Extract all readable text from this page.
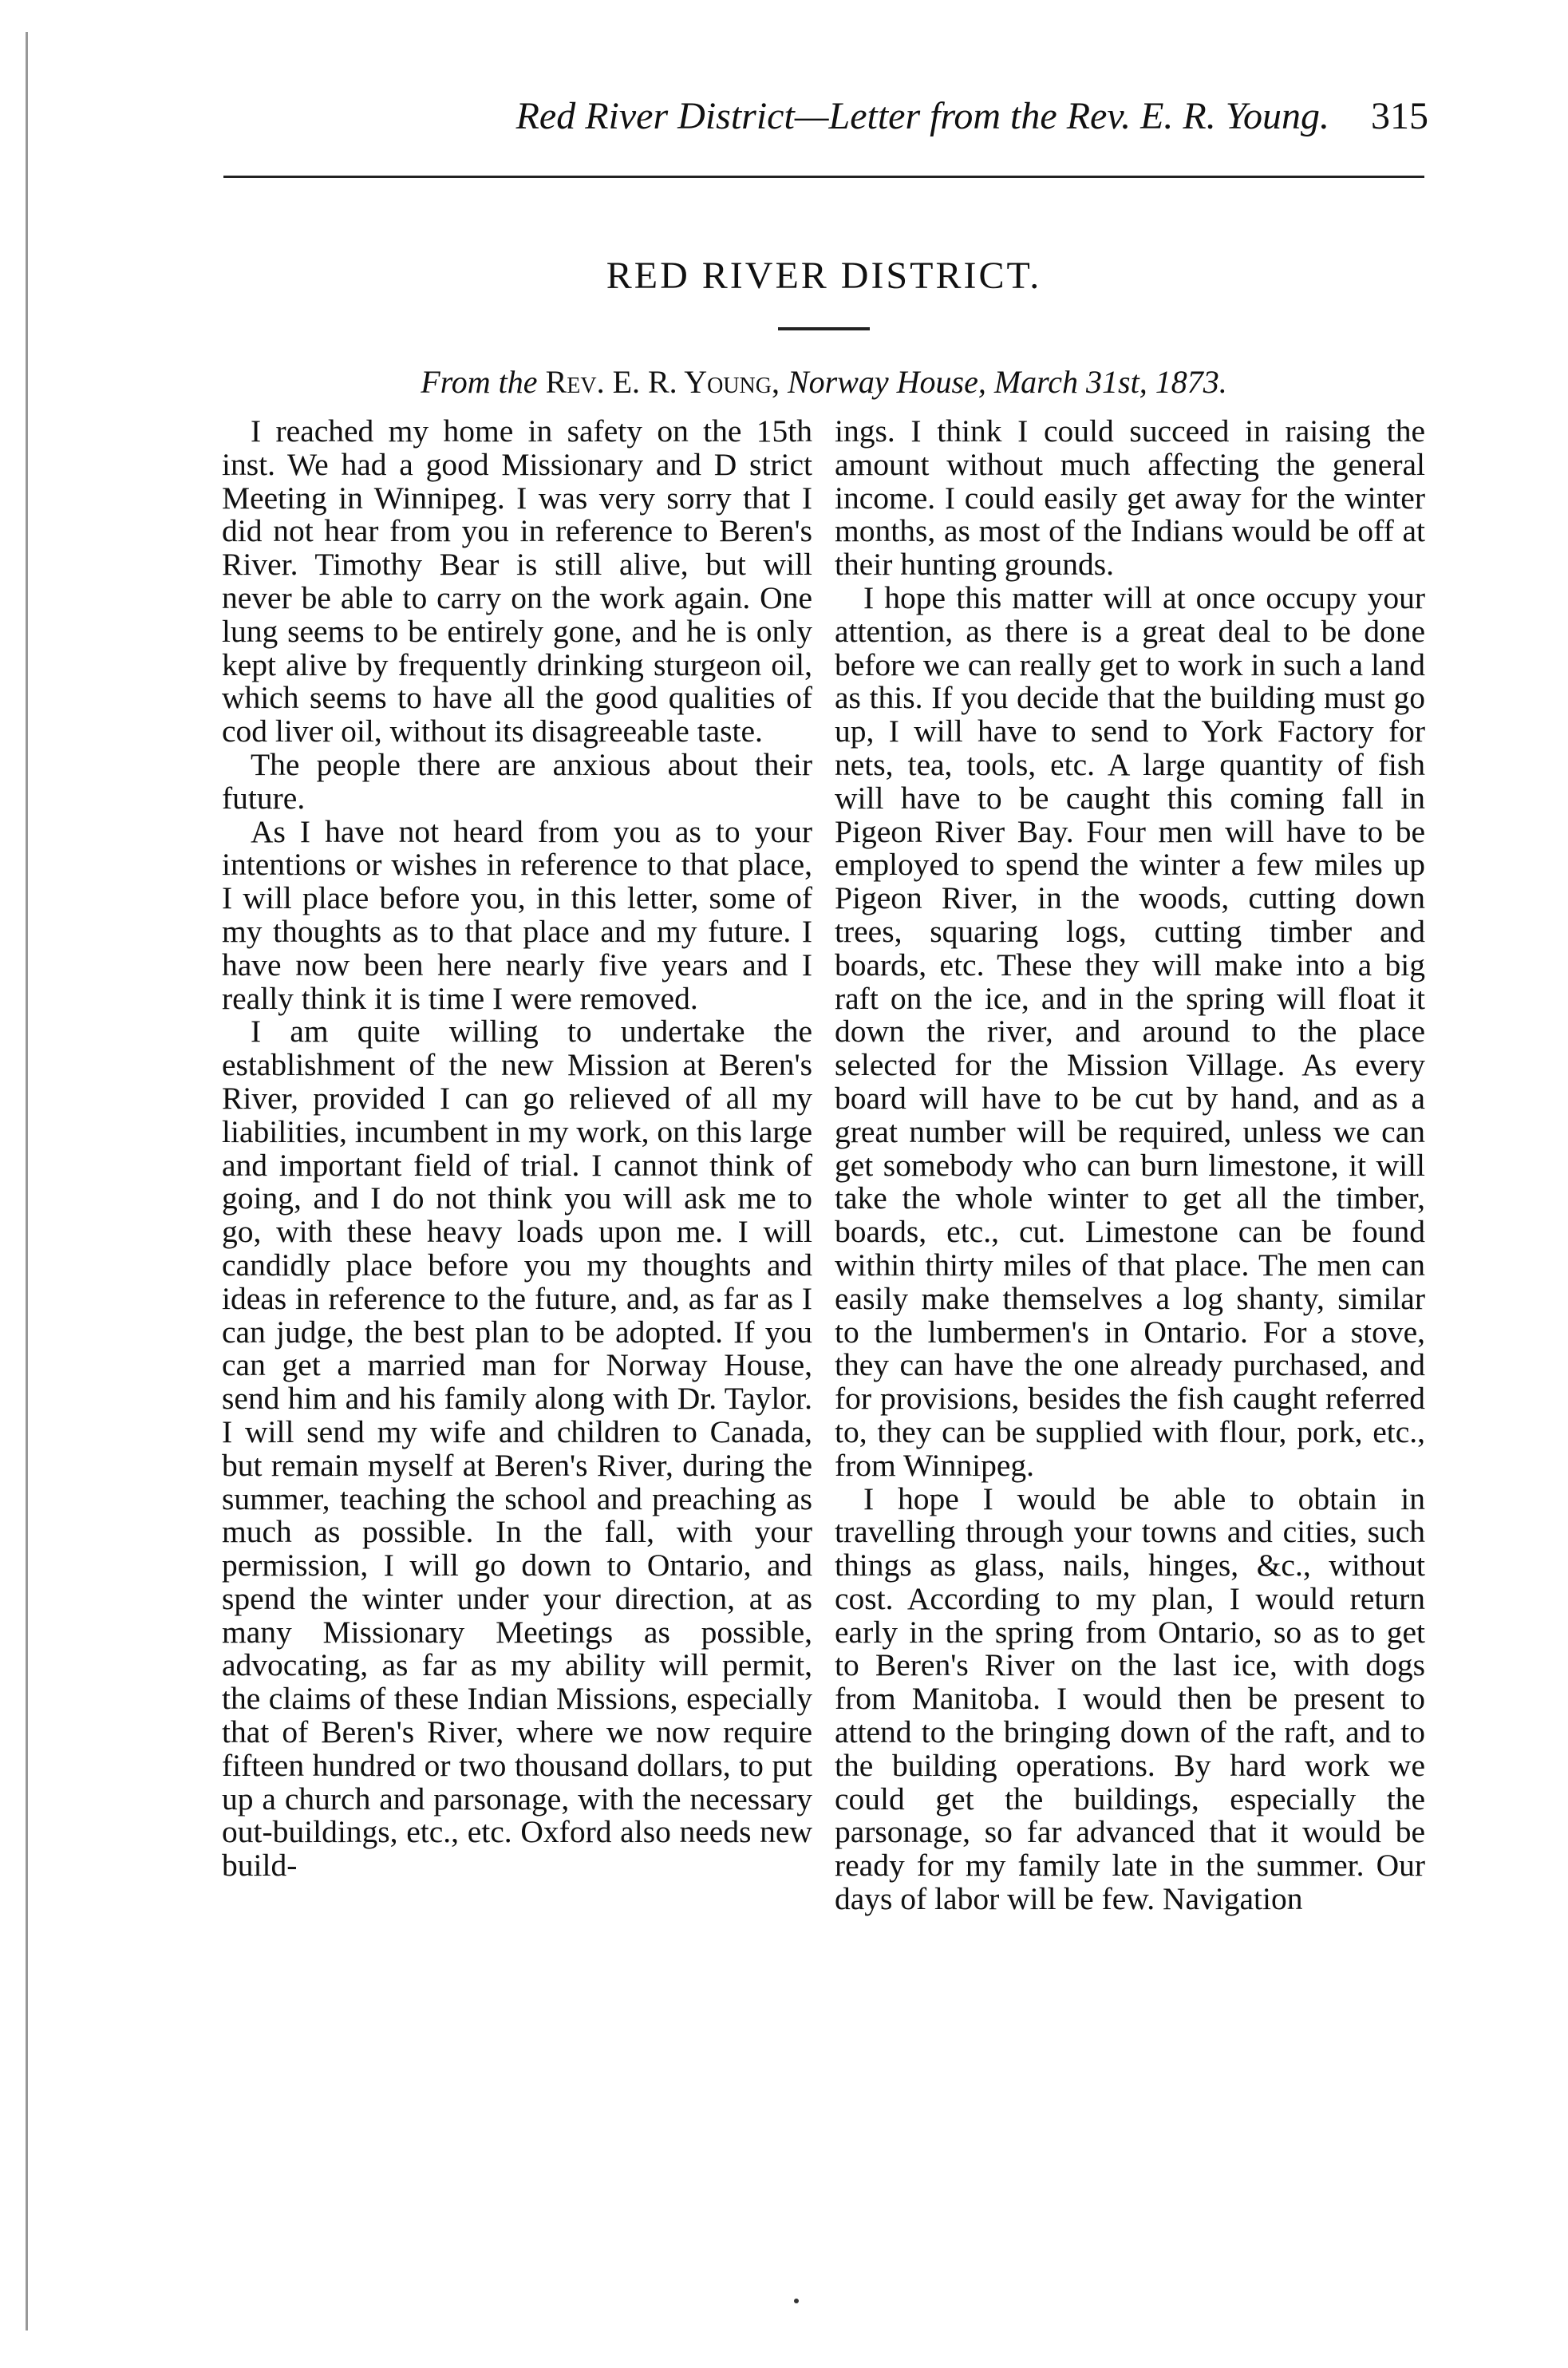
Red River District—Letter from the Rev. E. R. Young. 315
RED RIVER DISTRICT.
From the Rev. E. R. Young, Norway House, March 31st, 1873.

I reached my home in safety on the 15th inst. We had a good Missionary and D strict Meeting in Winnipeg. I was very sorry that I did not hear from you in reference to Beren's River. Timothy Bear is still alive, but will never be able to carry on the work again. One lung seems to be entirely gone, and he is only kept alive by frequently drinking sturgeon oil, which seems to have all the good qualities of cod liver oil, without its disagreeable taste.

The people there are anxious about their future.

As I have not heard from you as to your intentions or wishes in reference to that place, I will place before you, in this letter, some of my thoughts as to that place and my future. I have now been here nearly five years and I really think it is time I were removed.

I am quite willing to undertake the establishment of the new Mission at Beren's River, provided I can go relieved of all my liabilities, incumbent in my work, on this large and important field of trial. I cannot think of going, and I do not think you will ask me to go, with these heavy loads upon me. I will candidly place before you my thoughts and ideas in reference to the future, and, as far as I can judge, the best plan to be adopted. If you can get a married man for Norway House, send him and his family along with Dr. Taylor. I will send my wife and children to Canada, but remain myself at Beren's River, during the summer, teaching the school and preaching as much as possible. In the fall, with your permission, I will go down to Ontario, and spend the winter under your direction, at as many Missionary Meetings as possible, advocating, as far as my ability will permit, the claims of these Indian Missions, especially that of Beren's River, where we now require fifteen hundred or two thousand dollars, to put up a church and parsonage, with the necessary out-buildings, etc., etc. Oxford also needs new build-

ings. I think I could succeed in raising the amount without much affecting the general income. I could easily get away for the winter months, as most of the Indians would be off at their hunting grounds.

I hope this matter will at once occupy your attention, as there is a great deal to be done before we can really get to work in such a land as this. If you decide that the building must go up, I will have to send to York Factory for nets, tea, tools, etc. A large quantity of fish will have to be caught this coming fall in Pigeon River Bay. Four men will have to be employed to spend the winter a few miles up Pigeon River, in the woods, cutting down trees, squaring logs, cutting timber and boards, etc. These they will make into a big raft on the ice, and in the spring will float it down the river, and around to the place selected for the Mission Village. As every board will have to be cut by hand, and as a great number will be required, unless we can get somebody who can burn limestone, it will take the whole winter to get all the timber, boards, etc., cut. Limestone can be found within thirty miles of that place. The men can easily make themselves a log shanty, similar to the lumbermen's in Ontario. For a stove, they can have the one already purchased, and for provisions, besides the fish caught referred to, they can be supplied with flour, pork, etc., from Winnipeg.

I hope I would be able to obtain in travelling through your towns and cities, such things as glass, nails, hinges, &c., without cost. According to my plan, I would return early in the spring from Ontario, so as to get to Beren's River on the last ice, with dogs from Manitoba. I would then be present to attend to the bringing down of the raft, and to the building operations. By hard work we could get the buildings, especially the parsonage, so far advanced that it would be ready for my family late in the summer. Our days of labor will be few. Navigation
